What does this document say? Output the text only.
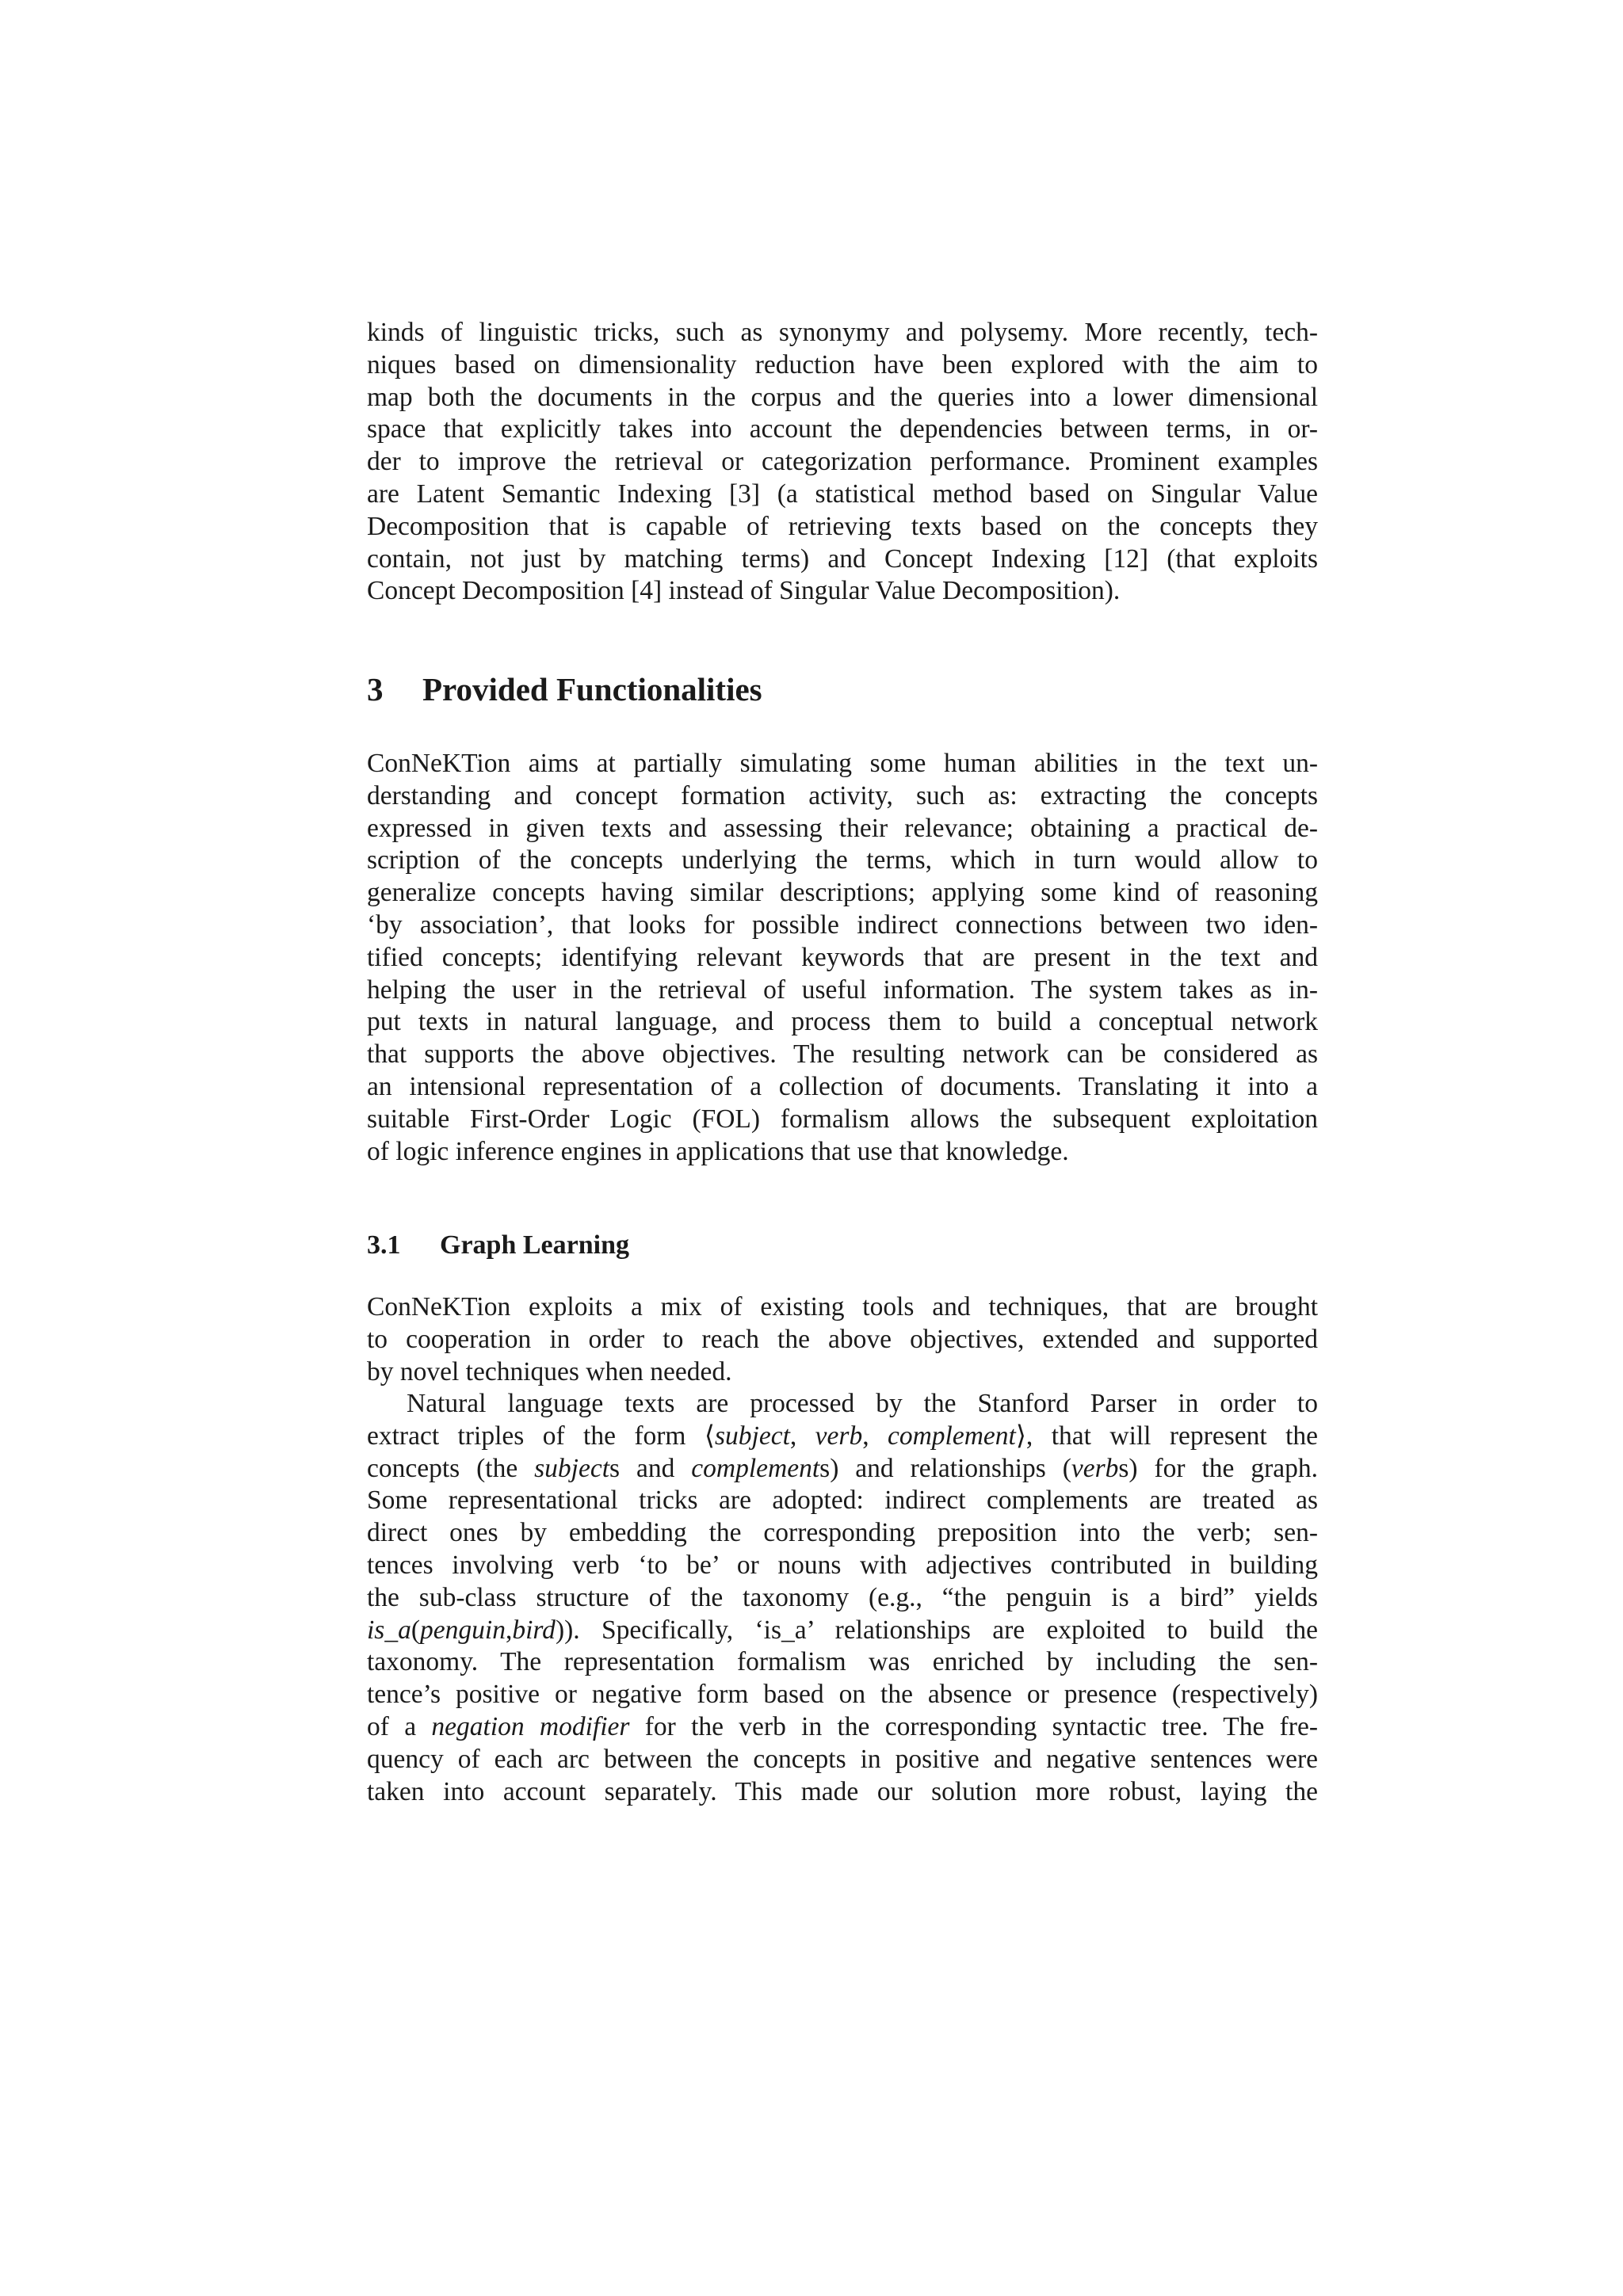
kinds of linguistic tricks, such as synonymy and polysemy. More recently, tech-
niques based on dimensionality reduction have been explored with the aim to
map both the documents in the corpus and the queries into a lower dimensional
space that explicitly takes into account the dependencies between terms, in or-
der to improve the retrieval or categorization performance. Prominent examples
are Latent Semantic Indexing [3] (a statistical method based on Singular Value
Decomposition that is capable of retrieving texts based on the concepts they
contain, not just by matching terms) and Concept Indexing [12] (that exploits
Concept Decomposition [4] instead of Singular Value Decomposition).

3 Provided Functionalities

ConNeKTion aims at partially simulating some human abilities in the text un-
derstanding and concept formation activity, such as: extracting the concepts
expressed in given texts and assessing their relevance; obtaining a practical de-
scription of the concepts underlying the terms, which in turn would allow to
generalize concepts having similar descriptions; applying some kind of reasoning
‘by association’, that looks for possible indirect connections between two iden-
tified concepts; identifying relevant keywords that are present in the text and
helping the user in the retrieval of useful information. The system takes as in-
put texts in natural language, and process them to build a conceptual network
that supports the above objectives. The resulting network can be considered as
an intensional representation of a collection of documents. Translating it into a
suitable First-Order Logic (FOL) formalism allows the subsequent exploitation
of logic inference engines in applications that use that knowledge.

3.1 Graph Learning

ConNeKTion exploits a mix of existing tools and techniques, that are brought
to cooperation in order to reach the above objectives, extended and supported
by novel techniques when needed.

Natural language texts are processed by the Stanford Parser in order to
extract triples of the form ⟨subject, verb, complement⟩, that will represent the
concepts (the subjects and complements) and relationships (verbs) for the graph.
Some representational tricks are adopted: indirect complements are treated as
direct ones by embedding the corresponding preposition into the verb; sen-
tences involving verb ‘to be’ or nouns with adjectives contributed in building
the sub-class structure of the taxonomy (e.g., “the penguin is a bird” yields
is_a(penguin,bird)). Specifically, ‘is_a’ relationships are exploited to build the
taxonomy. The representation formalism was enriched by including the sen-
tence’s positive or negative form based on the absence or presence (respectively)
of a negation modifier for the verb in the corresponding syntactic tree. The fre-
quency of each arc between the concepts in positive and negative sentences were
taken into account separately. This made our solution more robust, laying the
